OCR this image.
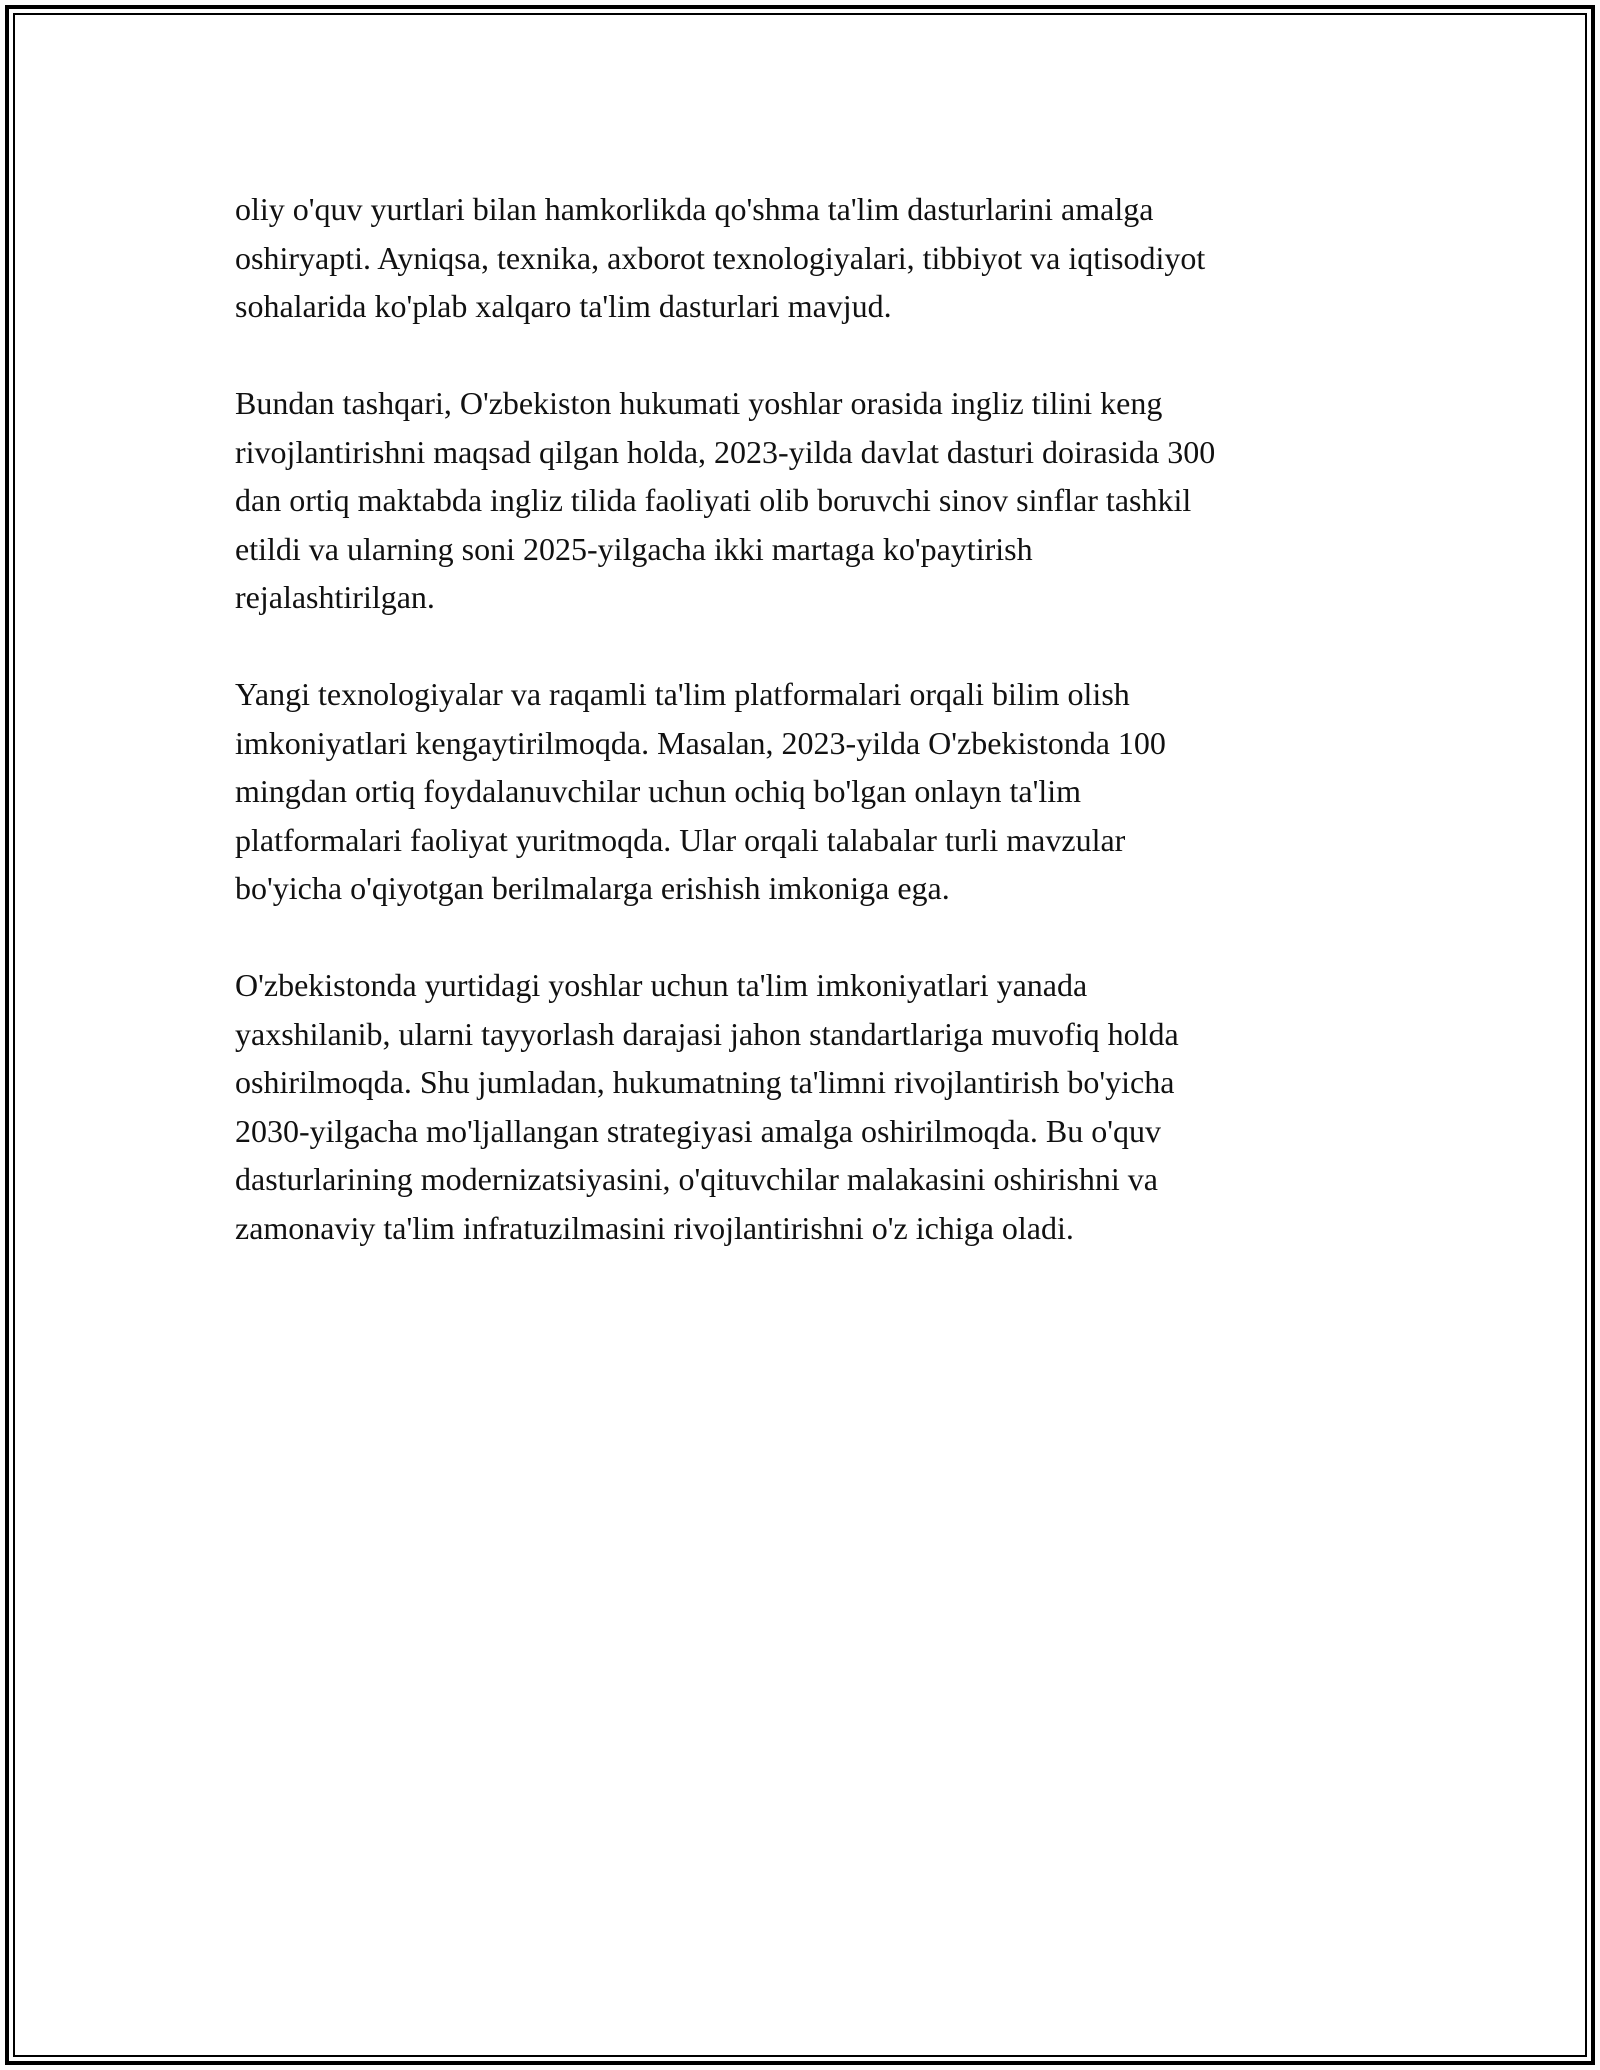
oliy o'quv yurtlari bilan hamkorlikda qo'shma ta'lim dasturlarini amalga
oshiryapti. Ayniqsa, texnika, axborot texnologiyalari, tibbiyot va iqtisodiyot
sohalarida ko'plab xalqaro ta'lim dasturlari mavjud.

Bundan tashqari, O'zbekiston hukumati yoshlar orasida ingliz tilini keng
rivojlantirishni maqsad qilgan holda, 2023-yilda davlat dasturi doirasida 300
dan ortiq maktabda ingliz tilida faoliyati olib boruvchi sinov sinflar tashkil
etildi va ularning soni 2025-yilgacha ikki martaga ko'paytirish
rejalashtirilgan.

Yangi texnologiyalar va raqamli ta'lim platformalari orqali bilim olish
imkoniyatlari kengaytirilmoqda. Masalan, 2023-yilda O'zbekistonda 100
mingdan ortiq foydalanuvchilar uchun ochiq bo'lgan onlayn ta'lim
platformalari faoliyat yuritmoqda. Ular orqali talabalar turli mavzular
bo'yicha o'qiyotgan berilmalarga erishish imkoniga ega.

O'zbekistonda yurtidagi yoshlar uchun ta'lim imkoniyatlari yanada
yaxshilanib, ularni tayyorlash darajasi jahon standartlariga muvofiq holda
oshirilmoqda. Shu jumladan, hukumatning ta'limni rivojlantirish bo'yicha
2030-yilgacha mo'ljallangan strategiyasi amalga oshirilmoqda. Bu o'quv
dasturlarining modernizatsiyasini, o'qituvchilar malakasini oshirishni va
zamonaviy ta'lim infratuzilmasini rivojlantirishni o'z ichiga oladi.
